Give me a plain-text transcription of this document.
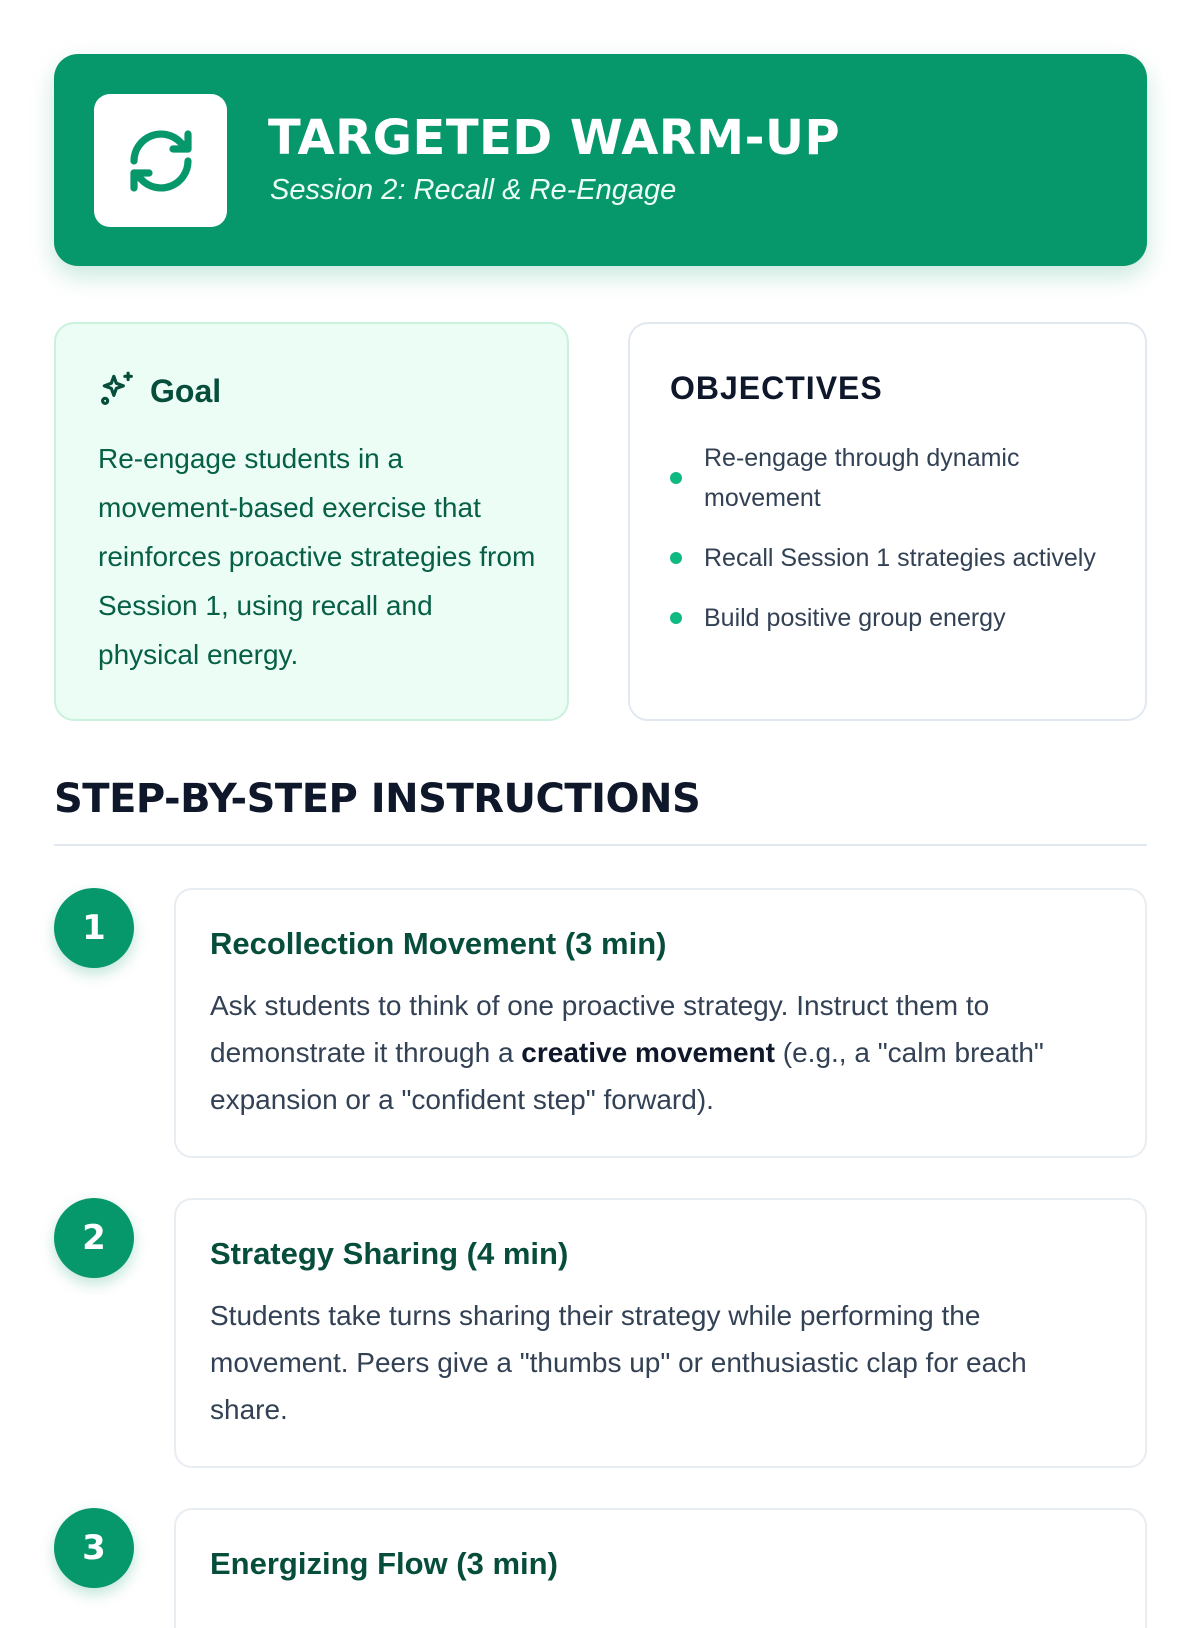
TARGETED WARM-UP
Session 2: Recall & Re-Engage
Goal
Re-engage students in a movement-based exercise that reinforces proactive strategies from Session 1, using recall and physical energy.
OBJECTIVES
Re-engage through dynamic movement
Recall Session 1 strategies actively
Build positive group energy
STEP-BY-STEP INSTRUCTIONS
1	Recollection Movement (3 min)
Ask students to think of one proactive strategy. Instruct them to demonstrate it through a creative movement (e.g., a "calm breath" expansion or a "confident step" forward).
2	Strategy Sharing (4 min)
Students take turns sharing their strategy while performing the movement. Peers give a "thumbs up" or enthusiastic clap for each share.
3	Energizing Flow (3 min)
